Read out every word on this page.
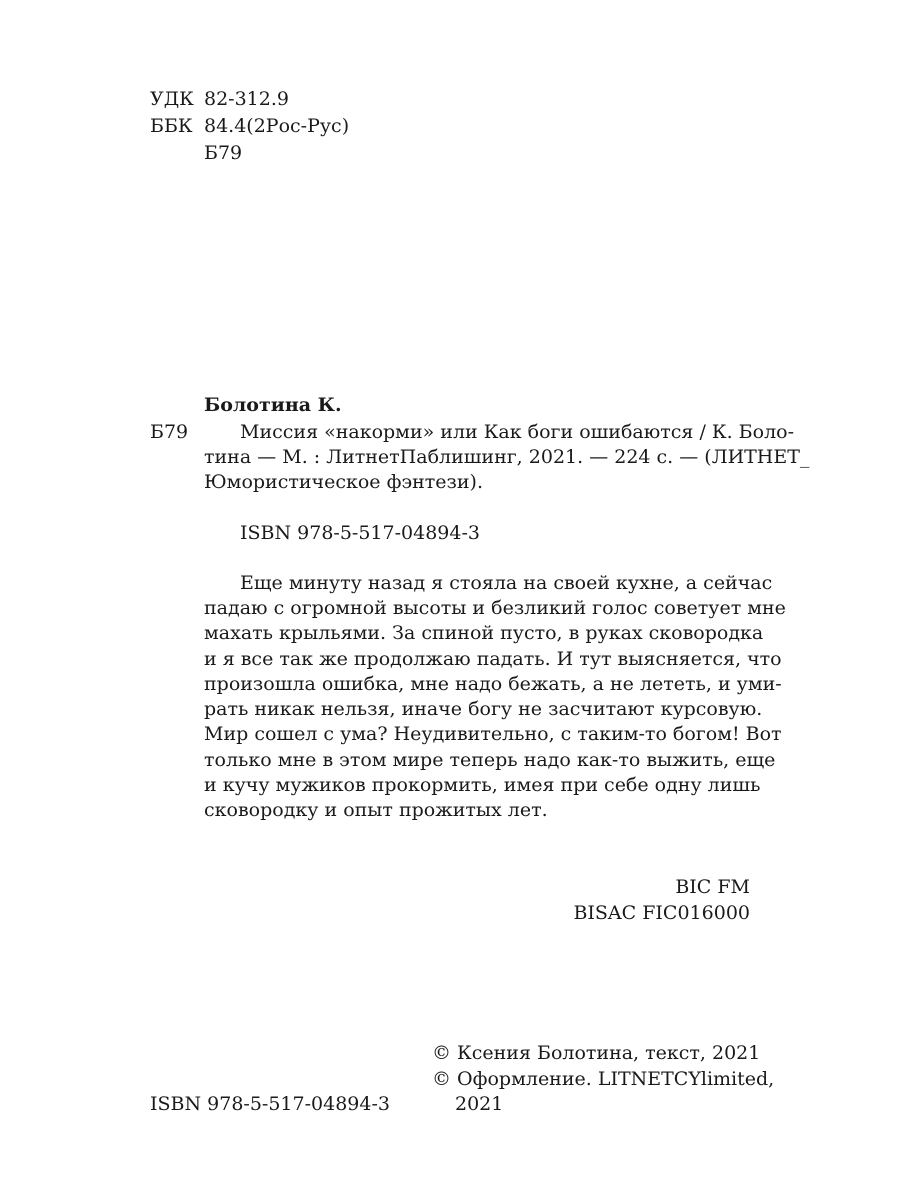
УДК 82-312.9
ББК 84.4(2Рос-Рус)
Б79
Болотина К.
Б79	Миссия «накорми» или Как боги ошибаются / К. Боло-
тина — М. : ЛитнетПаблишинг, 2021. — 224 с. — (ЛИТНЕТ_
Юмористическое фэнтези).
ISBN 978-5-517-04894-3
Еще минуту назад я стояла на своей кухне, а сейчас
падаю с огромной высоты и безликий голос советует мне
махать крыльями. За спиной пусто, в руках сковородка
и я все так же продолжаю падать. И тут выясняется, что
произошла ошибка, мне надо бежать, а не лететь, и уми-
рать никак нельзя, иначе богу не засчитают курсовую.
Мир сошел с ума? Неудивительно, с таким-то богом! Вот
только мне в этом мире теперь надо как-то выжить, еще
и кучу мужиков прокормить, имея при себе одну лишь
сковородку и опыт прожитых лет.
BIC FM
BISAC FIC016000
© Ксения Болотина, текст, 2021
© Оформление. LITNETCYlimited,
ISBN 978-5-517-04894-3	2021
